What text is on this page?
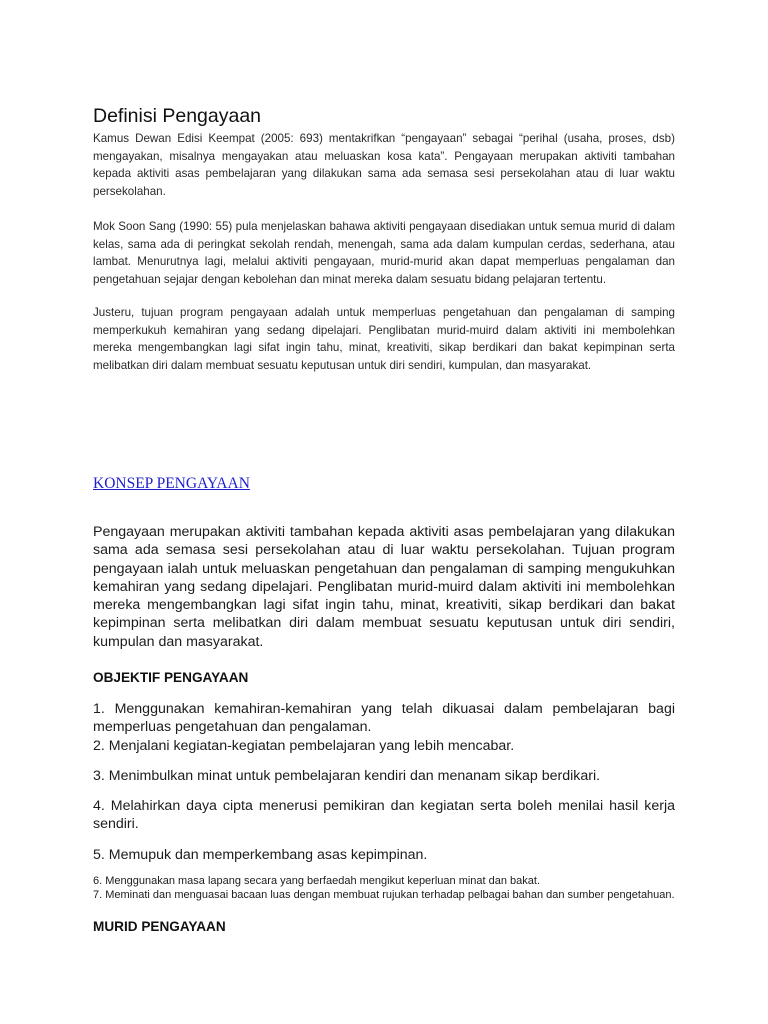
Definisi Pengayaan

Kamus Dewan Edisi Keempat (2005: 693) mentakrifkan “pengayaan” sebagai “perihal (usaha, proses, dsb) mengayakan, misalnya mengayakan atau meluaskan kosa kata”. Pengayaan merupakan aktiviti tambahan kepada aktiviti asas pembelajaran yang dilakukan sama ada semasa sesi persekolahan atau di luar waktu persekolahan.

Mok Soon Sang (1990: 55) pula menjelaskan bahawa aktiviti pengayaan disediakan untuk semua murid di dalam kelas, sama ada di peringkat sekolah rendah, menengah, sama ada dalam kumpulan cerdas, sederhana, atau lambat. Menurutnya lagi, melalui aktiviti pengayaan, murid-murid akan dapat memperluas pengalaman dan pengetahuan sejajar dengan kebolehan dan minat mereka dalam sesuatu bidang pelajaran tertentu.

Justeru, tujuan program pengayaan adalah untuk memperluas pengetahuan dan pengalaman di samping memperkukuh kemahiran yang sedang dipelajari. Penglibatan murid-muird dalam aktiviti ini membolehkan mereka mengembangkan lagi sifat ingin tahu, minat, kreativiti, sikap berdikari dan bakat kepimpinan serta melibatkan diri dalam membuat sesuatu keputusan untuk diri sendiri, kumpulan, dan masyarakat.

KONSEP PENGAYAAN

Pengayaan merupakan aktiviti tambahan kepada aktiviti asas pembelajaran yang dilakukan sama ada semasa sesi persekolahan atau di luar waktu persekolahan. Tujuan program pengayaan ialah untuk meluaskan pengetahuan dan pengalaman di samping mengukuhkan kemahiran yang sedang dipelajari. Penglibatan murid-muird dalam aktiviti ini membolehkan mereka mengembangkan lagi sifat ingin tahu, minat, kreativiti, sikap berdikari dan bakat kepimpinan serta melibatkan diri dalam membuat sesuatu keputusan untuk diri sendiri, kumpulan dan masyarakat.

OBJEKTIF PENGAYAAN
1. Menggunakan kemahiran-kemahiran yang telah dikuasai dalam pembelajaran bagi memperluas pengetahuan dan pengalaman.
2. Menjalani kegiatan-kegiatan pembelajaran yang lebih mencabar.

3. Menimbulkan minat untuk pembelajaran kendiri dan menanam sikap berdikari.

4. Melahirkan daya cipta menerusi pemikiran dan kegiatan serta boleh menilai hasil kerja sendiri.

5. Memupuk dan memperkembang asas kepimpinan.

6. Menggunakan masa lapang secara yang berfaedah mengikut keperluan minat dan bakat.
7. Meminati dan menguasai bacaan luas dengan membuat rujukan terhadap pelbagai bahan dan sumber pengetahuan.
MURID PENGAYAAN
